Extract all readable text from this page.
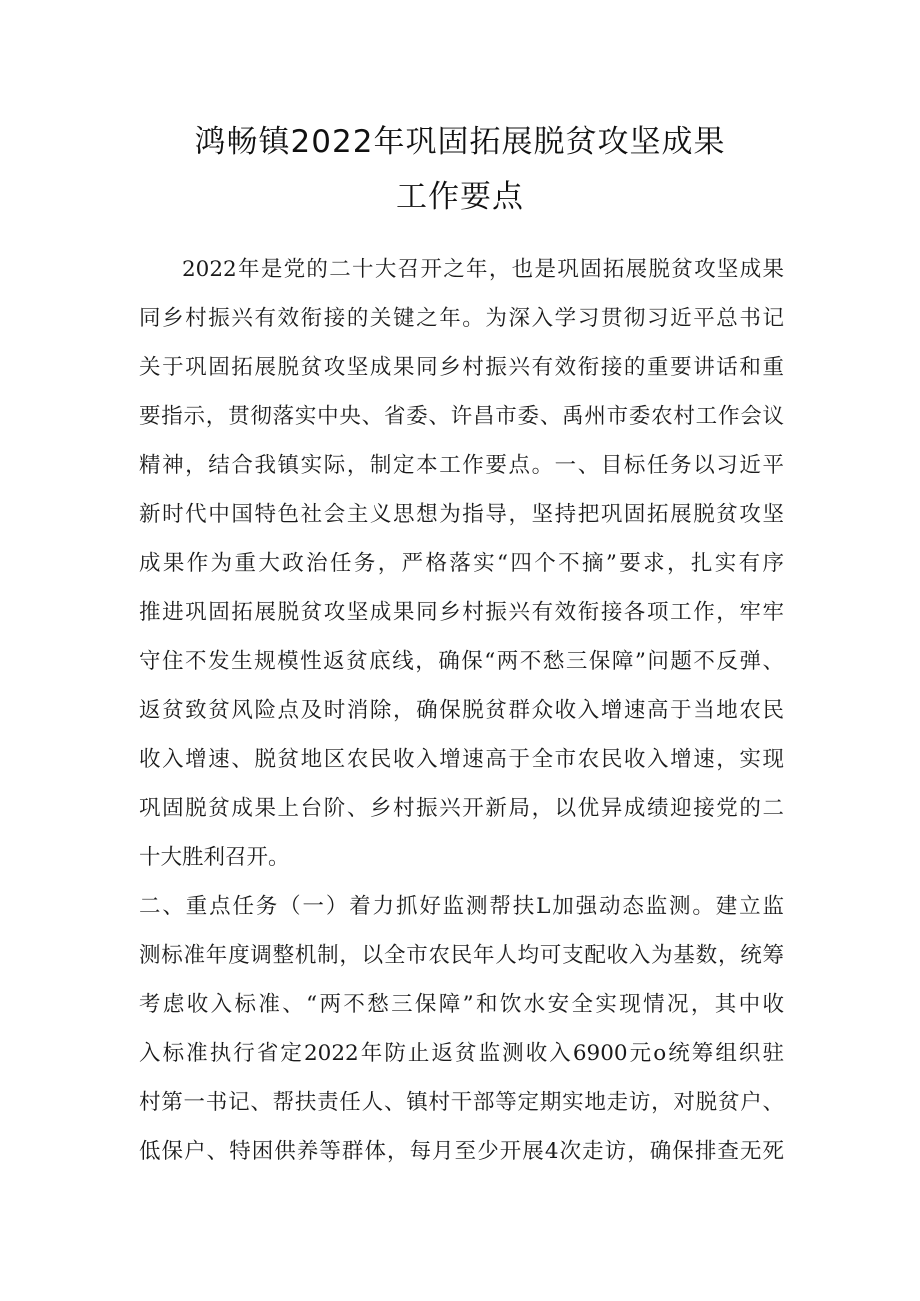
鸿畅镇2022年巩固拓展脱贫攻坚成果
工作要点
2022年是党的二十大召开之年，也是巩固拓展脱贫攻坚成果
同乡村振兴有效衔接的关键之年。为深入学习贯彻习近平总书记
关于巩固拓展脱贫攻坚成果同乡村振兴有效衔接的重要讲话和重
要指示，贯彻落实中央、省委、许昌市委、禹州市委农村工作会议
精神，结合我镇实际，制定本工作要点。一、目标任务以习近平
新时代中国特色社会主义思想为指导，坚持把巩固拓展脱贫攻坚
成果作为重大政治任务，严格落实“四个不摘”要求，扎实有序
推进巩固拓展脱贫攻坚成果同乡村振兴有效衔接各项工作，牢牢
守住不发生规模性返贫底线，确保“两不愁三保障”问题不反弹、
返贫致贫风险点及时消除，确保脱贫群众收入增速高于当地农民
收入增速、脱贫地区农民收入增速高于全市农民收入增速，实现
巩固脱贫成果上台阶、乡村振兴开新局，以优异成绩迎接党的二
十大胜利召开。
二、重点任务（一）着力抓好监测帮扶L加强动态监测。建立监
测标准年度调整机制，以全市农民年人均可支配收入为基数，统筹
考虑收入标准、“两不愁三保障”和饮水安全实现情况，其中收
入标准执行省定2022年防止返贫监测收入6900元o统筹组织驻
村第一书记、帮扶责任人、镇村干部等定期实地走访，对脱贫户、
低保户、特困供养等群体，每月至少开展4次走访，确保排查无死
